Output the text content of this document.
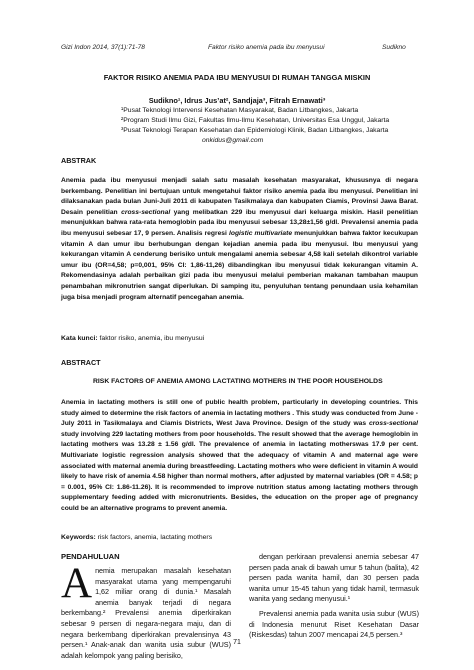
Gizi Indon 2014, 37(1):71-78	Faktor risiko anemia pada ibu menyusui	Sudikno
FAKTOR RISIKO ANEMIA PADA IBU MENYUSUI DI RUMAH TANGGA MISKIN
Sudikno¹, Idrus Jus’at², Sandjaja³, Fitrah Ernawati³
¹Pusat Teknologi Intervensi Kesehatan Masyarakat, Badan Litbangkes, Jakarta
²Program Studi Ilmu Gizi, Fakultas Ilmu-Ilmu Kesehatan, Universitas Esa Unggul, Jakarta
³Pusat Teknologi Terapan Kesehatan dan Epidemiologi Klinik, Badan Litbangkes, Jakarta
onkidus@gmail.com
ABSTRAK
Anemia pada ibu menyusui menjadi salah satu masalah kesehatan masyarakat, khususnya di negara berkembang. Penelitian ini bertujuan untuk mengetahui faktor risiko anemia pada ibu menyusui. Penelitian ini dilaksanakan pada bulan Juni-Juli 2011 di kabupaten Tasikmalaya dan kabupaten Ciamis, Provinsi Jawa Barat. Desain penelitian cross-sectional yang melibatkan 229 ibu menyusui dari keluarga miskin. Hasil penelitian menunjukkan bahwa rata-rata hemoglobin pada ibu menyusui sebesar 13,28±1,56 g/dl. Prevalensi anemia pada ibu menyusui sebesar 17, 9 persen. Analisis regresi logistic multivariate menunjukkan bahwa faktor kecukupan vitamin A dan umur ibu berhubungan dengan kejadian anemia pada ibu menyusui. Ibu menyusui yang kekurangan vitamin A cenderung berisiko untuk mengalami anemia sebesar 4,58 kali setelah dikontrol variable umur ibu (OR=4,58; p=0,001, 95% CI: 1,86-11,26) dibandingkan ibu menyusui tidak kekurangan vitamin A. Rekomendasinya adalah perbaikan gizi pada ibu menyusui melalui pemberian makanan tambahan maupun penambahan mikronutrien sangat diperlukan. Di samping itu, penyuluhan tentang penundaan usia kehamilan juga bisa menjadi program alternatif pencegahan anemia.
Kata kunci: faktor risiko, anemia, ibu menyusui
ABSTRACT
RISK FACTORS OF ANEMIA AMONG LACTATING MOTHERS IN THE POOR HOUSEHOLDS
Anemia in lactating mothers is still one of public health problem, particularly in developing countries. This study aimed to determine the risk factors of anemia in lactating mothers . This study was conducted from June -July 2011 in Tasikmalaya and Ciamis Districts, West Java Province. Design of the study was cross-sectional study involving 229 lactating mothers from poor households. The result showed that the average hemoglobin in lactating mothers was 13.28 ± 1.56 g/dl. The prevalence of anemia in lactating motherswas 17.9 per cent. Multivariate logistic regression analysis showed that the adequacy of vitamin A and maternal age were associated with maternal anemia during breastfeeding. Lactating mothers who were deficient in vitamin A would likely to have risk of anemia 4.58 higher than normal mothers, after adjusted by maternal variables (OR = 4.58; p = 0.001, 95% CI: 1.86-11.26). It is recommended to improve nutrition status among lactating mothers through supplementary feeding added with micronutrients. Besides, the education on the proper age of pregnancy could be an alternative programs to prevent anemia.
Keywords: risk factors, anemia, lactating mothers
PENDAHULUAN
Anemia merupakan masalah kesehatan masyarakat utama yang mempengaruhi 1,62 miliar orang di dunia.¹ Masalah anemia banyak terjadi di negara berkembang.² Prevalensi anemia diperkirakan sebesar 9 persen di negara-negara maju, dan di negara berkembang diperkirakan prevalensinya 43 persen.¹ Anak-anak dan wanita usia subur (WUS) adalah kelompok yang paling berisiko,
dengan perkiraan prevalensi anemia sebesar 47 persen pada anak di bawah umur 5 tahun (balita), 42 persen pada wanita hamil, dan 30 persen pada wanita umur 15-45 tahun yang tidak hamil, termasuk wanita yang sedang menyusui.¹
Prevalensi anemia pada wanita usia subur (WUS) di Indonesia menurut Riset Kesehatan Dasar (Riskesdas) tahun 2007 mencapai 24,5 persen.³
71
